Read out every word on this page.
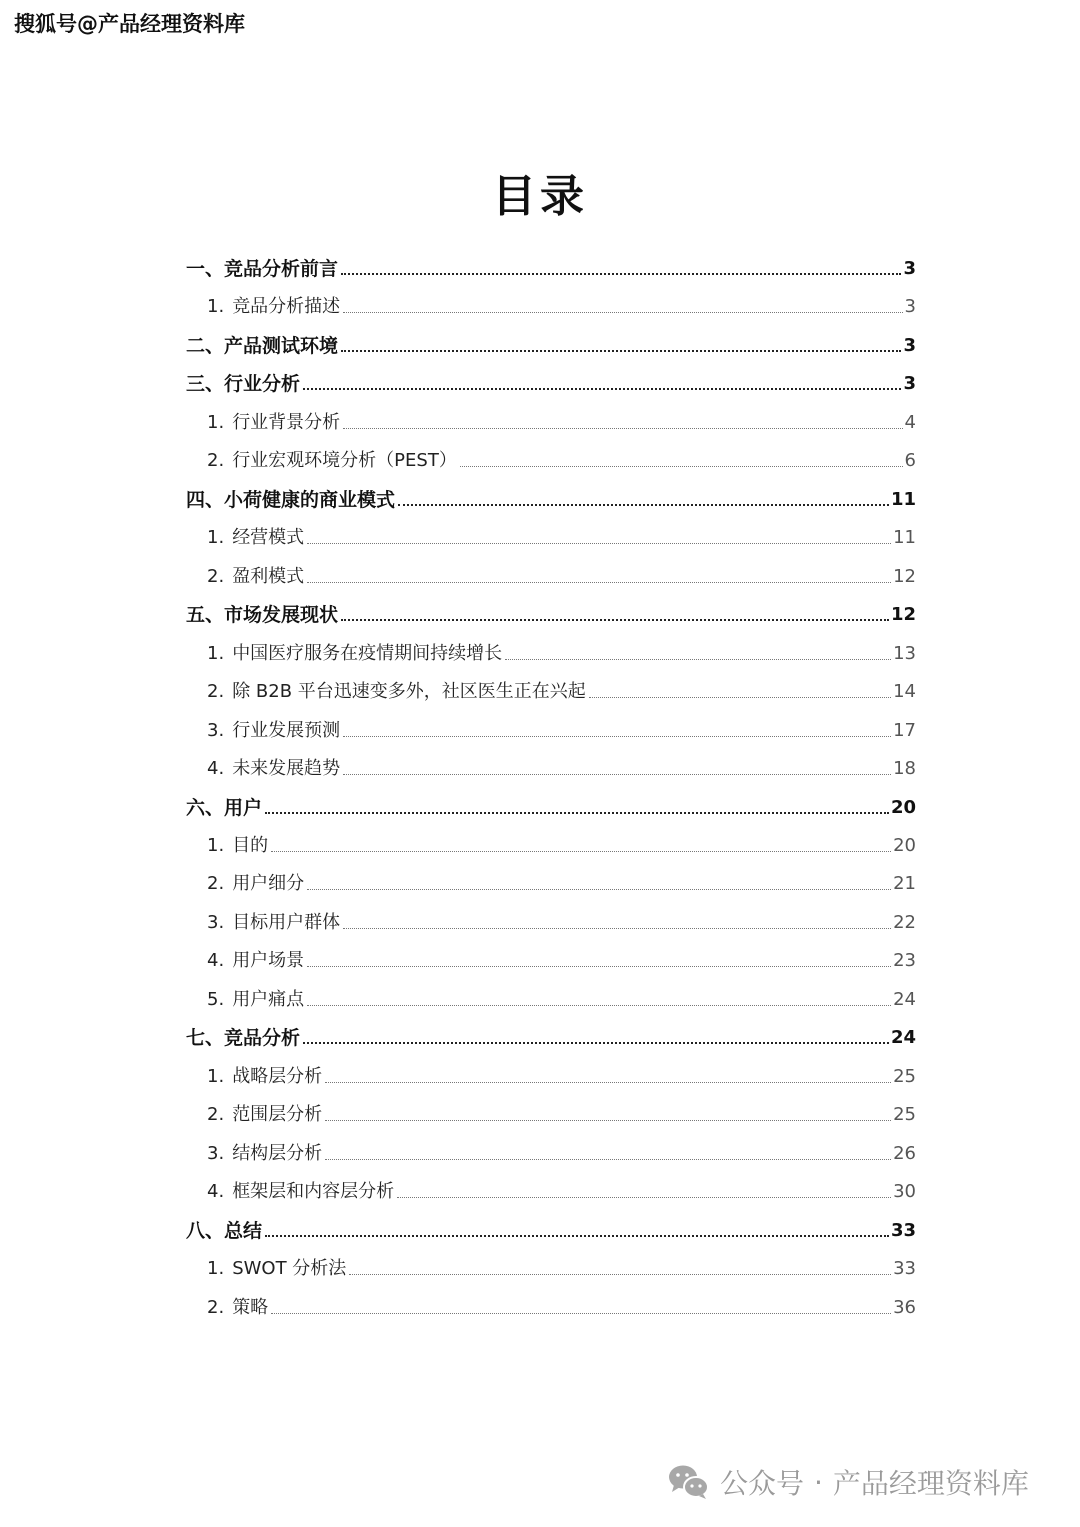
搜狐号@产品经理资料库
目录
一、竞品分析前言	3
1. 竞品分析描述	3
二、产品测试环境	3
三、行业分析	3
1. 行业背景分析	4
2. 行业宏观环境分析（PEST）	6
四、小荷健康的商业模式	11
1. 经营模式	11
2. 盈利模式	12
五、市场发展现状	12
1. 中国医疗服务在疫情期间持续增长	13
2. 除 B2B 平台迅速变多外，社区医生正在兴起	14
3. 行业发展预测	17
4. 未来发展趋势	18
六、用户	20
1. 目的	20
2. 用户细分	21
3. 目标用户群体	22
4. 用户场景	23
5. 用户痛点	24
七、竞品分析	24
1. 战略层分析	25
2. 范围层分析	25
3. 结构层分析	26
4. 框架层和内容层分析	30
八、总结	33
1. SWOT 分析法	33
2. 策略	36
公众号 · 产品经理资料库
